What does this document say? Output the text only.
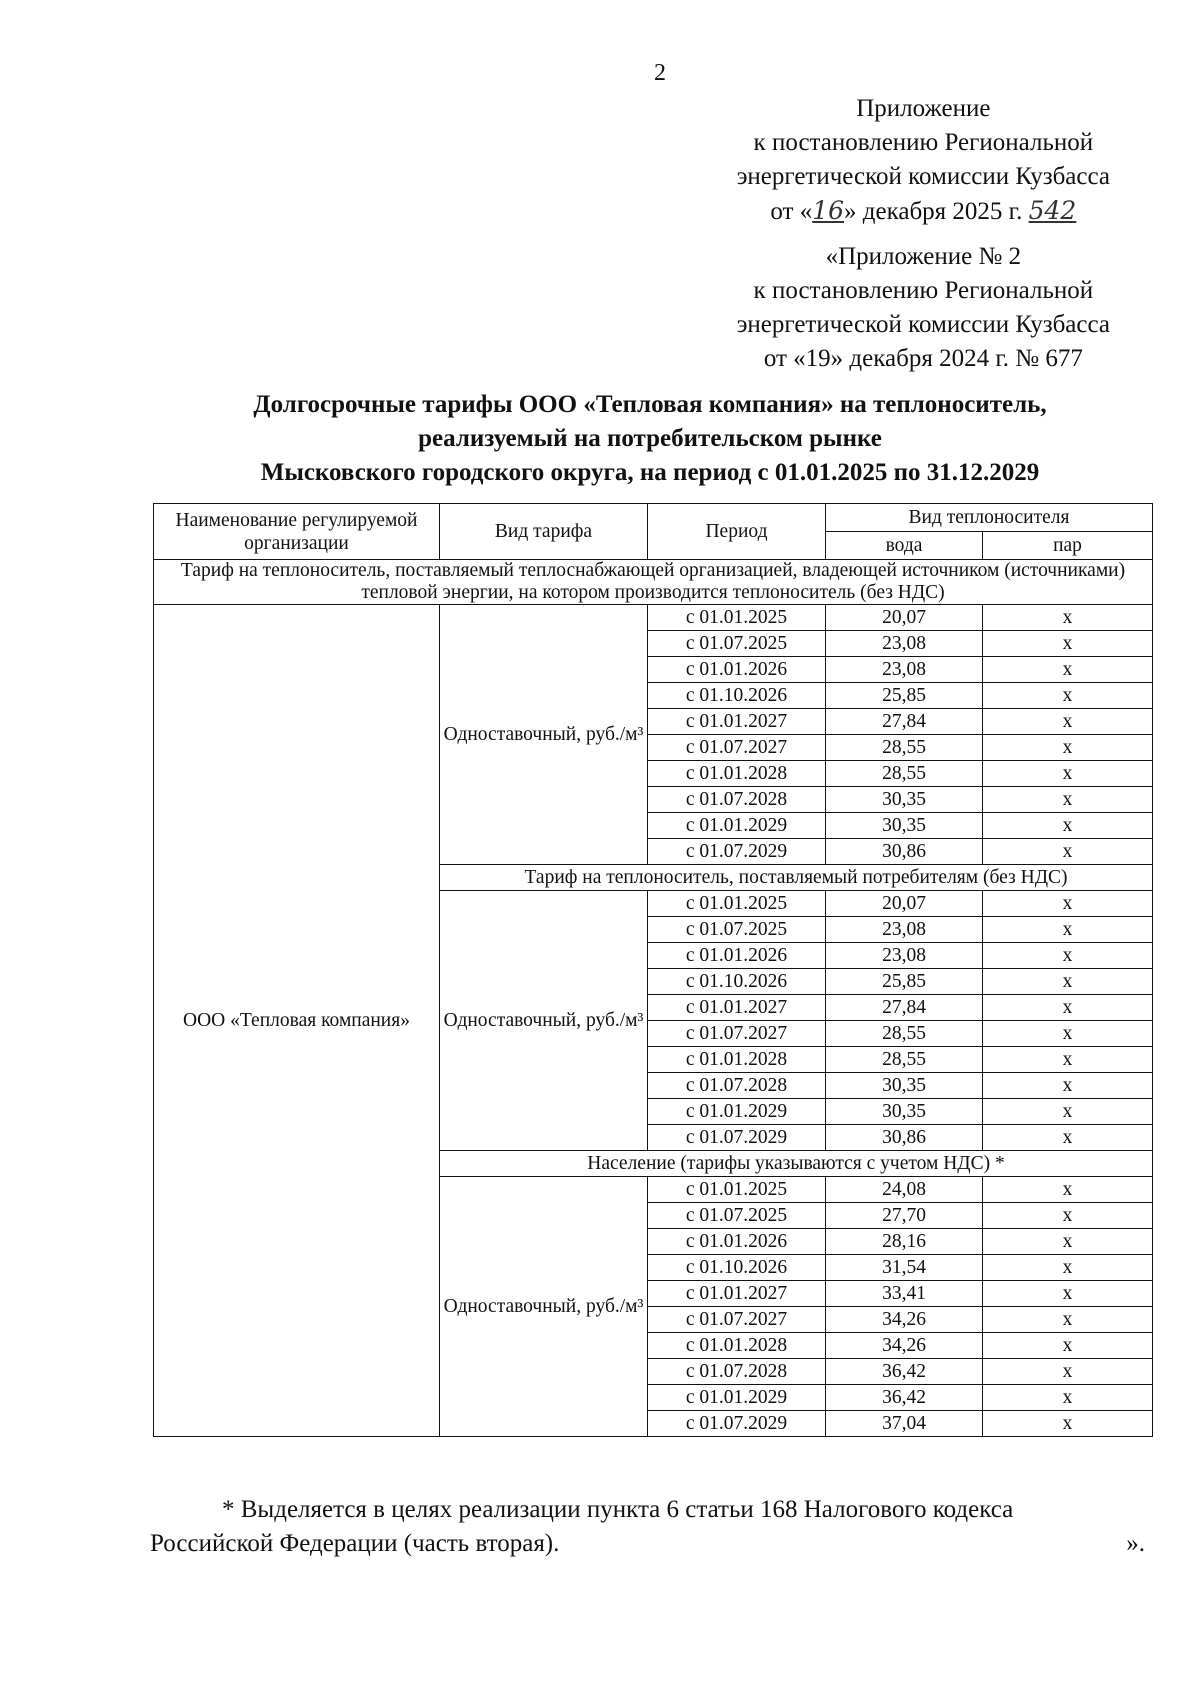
2
Приложение
к постановлению Региональной
энергетической комиссии Кузбасса
от «16» декабря 2025 г. 542
«Приложение № 2
к постановлению Региональной
энергетической комиссии Кузбасса
от «19» декабря 2024 г. № 677
Долгосрочные тарифы ООО «Тепловая компания» на теплоноситель,
реализуемый на потребительском рынке
Мысковского городского округа, на период с 01.01.2025 по 31.12.2029
Наименование регулируемой организации	Вид тарифа	Период	Вид теплоносителя	
			вода	пар
Тариф на теплоноситель, поставляемый теплоснабжающей организацией, владеющей источником (источниками) тепловой энергии, на котором производится теплоноситель (без НДС)				
ООО «Тепловая компания»	Одноставочный, руб./м³	с 01.01.2025	20,07	x
		с 01.07.2025	23,08	x
		с 01.01.2026	23,08	x
		с 01.10.2026	25,85	x
		с 01.01.2027	27,84	x
		с 01.07.2027	28,55	x
		с 01.01.2028	28,55	x
		с 01.07.2028	30,35	x
		с 01.01.2029	30,35	x
		с 01.07.2029	30,86	x
	Тариф на теплоноситель, поставляемый потребителям (без НДС)			
	Одноставочный, руб./м³	с 01.01.2025	20,07	x
		с 01.07.2025	23,08	x
		с 01.01.2026	23,08	x
		с 01.10.2026	25,85	x
		с 01.01.2027	27,84	x
		с 01.07.2027	28,55	x
		с 01.01.2028	28,55	x
		с 01.07.2028	30,35	x
		с 01.01.2029	30,35	x
		с 01.07.2029	30,86	x
	Население (тарифы указываются с учетом НДС) *			
	Одноставочный, руб./м³	с 01.01.2025	24,08	x
		с 01.07.2025	27,70	x
		с 01.01.2026	28,16	x
		с 01.10.2026	31,54	x
		с 01.01.2027	33,41	x
		с 01.07.2027	34,26	x
		с 01.01.2028	34,26	x
		с 01.07.2028	36,42	x
		с 01.01.2029	36,42	x
		с 01.07.2029	37,04	x
* Выделяется в целях реализации пункта 6 статьи 168 Налогового кодекса
Российской Федерации (часть вторая).	».
